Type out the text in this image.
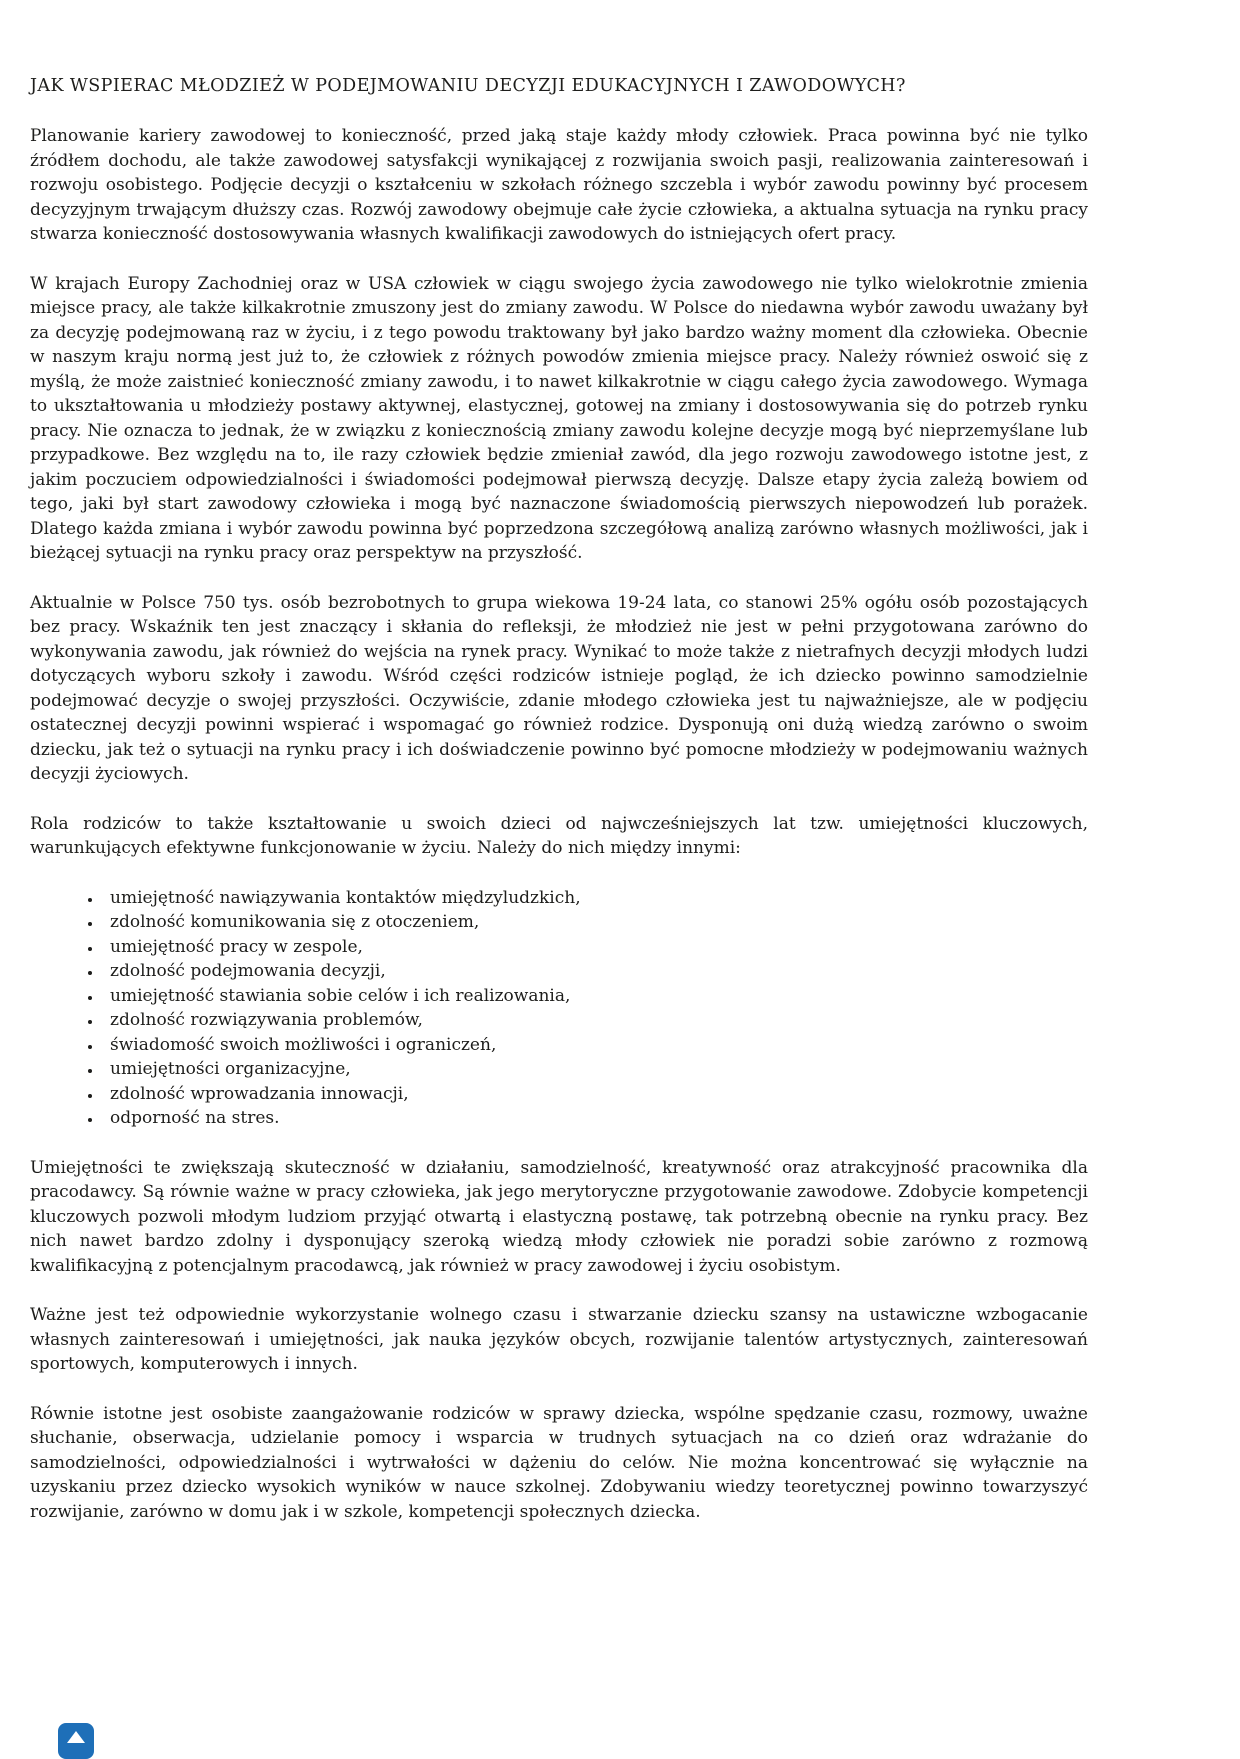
JAK WSPIERAC MŁODZIEŻ W PODEJMOWANIU DECYZJI EDUKACYJNYCH I ZAWODOWYCH?

Planowanie kariery zawodowej to konieczność, przed jaką staje każdy młody człowiek. Praca powinna być nie tylko źródłem dochodu, ale także zawodowej satysfakcji wynikającej z rozwijania swoich pasji, realizowania zainteresowań i rozwoju osobistego. Podjęcie decyzji o kształceniu w szkołach różnego szczebla i wybór zawodu powinny być procesem decyzyjnym trwającym dłuższy czas. Rozwój zawodowy obejmuje całe życie człowieka, a aktualna sytuacja na rynku pracy stwarza konieczność dostosowywania własnych kwalifikacji zawodowych do istniejących ofert pracy.

W krajach Europy Zachodniej oraz w USA człowiek w ciągu swojego życia zawodowego nie tylko wielokrotnie zmienia miejsce pracy, ale także kilkakrotnie zmuszony jest do zmiany zawodu. W Polsce do niedawna wybór zawodu uważany był za decyzję podejmowaną raz w życiu, i z tego powodu traktowany był jako bardzo ważny moment dla człowieka. Obecnie w naszym kraju normą jest już to, że człowiek z różnych powodów zmienia miejsce pracy. Należy również oswoić się z myślą, że może zaistnieć konieczność zmiany zawodu, i to nawet kilkakrotnie w ciągu całego życia zawodowego. Wymaga to ukształtowania u młodzieży postawy aktywnej, elastycznej, gotowej na zmiany i dostosowywania się do potrzeb rynku pracy. Nie oznacza to jednak, że w związku z koniecznością zmiany zawodu kolejne decyzje mogą być nieprzemyślane lub przypadkowe. Bez względu na to, ile razy człowiek będzie zmieniał zawód, dla jego rozwoju zawodowego istotne jest, z jakim poczuciem odpowiedzialności i świadomości podejmował pierwszą decyzję. Dalsze etapy życia zależą bowiem od tego, jaki był start zawodowy człowieka i mogą być naznaczone świadomością pierwszych niepowodzeń lub porażek. Dlatego każda zmiana i wybór zawodu powinna być poprzedzona szczegółową analizą zarówno własnych możliwości, jak i bieżącej sytuacji na rynku pracy oraz perspektyw na przyszłość.

Aktualnie w Polsce 750 tys. osób bezrobotnych to grupa wiekowa 19-24 lata, co stanowi 25% ogółu osób pozostających bez pracy. Wskaźnik ten jest znaczący i skłania do refleksji, że młodzież nie jest w pełni przygotowana zarówno do wykonywania zawodu, jak również do wejścia na rynek pracy. Wynikać to może także z nietrafnych decyzji młodych ludzi dotyczących wyboru szkoły i zawodu. Wśród części rodziców istnieje pogląd, że ich dziecko powinno samodzielnie podejmować decyzje o swojej przyszłości. Oczywiście, zdanie młodego człowieka jest tu najważniejsze, ale w podjęciu ostatecznej decyzji powinni wspierać i wspomagać go również rodzice. Dysponują oni dużą wiedzą zarówno o swoim dziecku, jak też o sytuacji na rynku pracy i ich doświadczenie powinno być pomocne młodzieży w podejmowaniu ważnych decyzji życiowych.

Rola rodziców to także kształtowanie u swoich dzieci od najwcześniejszych lat tzw. umiejętności kluczowych, warunkujących efektywne funkcjonowanie w życiu. Należy do nich między innymi:

• umiejętność nawiązywania kontaktów międzyludzkich,
• zdolność komunikowania się z otoczeniem,
• umiejętność pracy w zespole,
• zdolność podejmowania decyzji,
• umiejętność stawiania sobie celów i ich realizowania,
• zdolność rozwiązywania problemów,
• świadomość swoich możliwości i ograniczeń,
• umiejętności organizacyjne,
• zdolność wprowadzania innowacji,
• odporność na stres.

Umiejętności te zwiększają skuteczność w działaniu, samodzielność, kreatywność oraz atrakcyjność pracownika dla pracodawcy. Są równie ważne w pracy człowieka, jak jego merytoryczne przygotowanie zawodowe. Zdobycie kompetencji kluczowych pozwoli młodym ludziom przyjąć otwartą i elastyczną postawę, tak potrzebną obecnie na rynku pracy. Bez nich nawet bardzo zdolny i dysponujący szeroką wiedzą młody człowiek nie poradzi sobie zarówno z rozmową kwalifikacyjną z potencjalnym pracodawcą, jak również w pracy zawodowej i życiu osobistym.

Ważne jest też odpowiednie wykorzystanie wolnego czasu i stwarzanie dziecku szansy na ustawiczne wzbogacanie własnych zainteresowań i umiejętności, jak nauka języków obcych, rozwijanie talentów artystycznych, zainteresowań sportowych, komputerowych i innych.

Równie istotne jest osobiste zaangażowanie rodziców w sprawy dziecka, wspólne spędzanie czasu, rozmowy, uważne słuchanie, obserwacja, udzielanie pomocy i wsparcia w trudnych sytuacjach na co dzień oraz wdrażanie do samodzielności, odpowiedzialności i wytrwałości w dążeniu do celów. Nie można koncentrować się wyłącznie na uzyskaniu przez dziecko wysokich wyników w nauce szkolnej. Zdobywaniu wiedzy teoretycznej powinno towarzyszyć rozwijanie, zarówno w domu jak i w szkole, kompetencji społecznych dziecka.
